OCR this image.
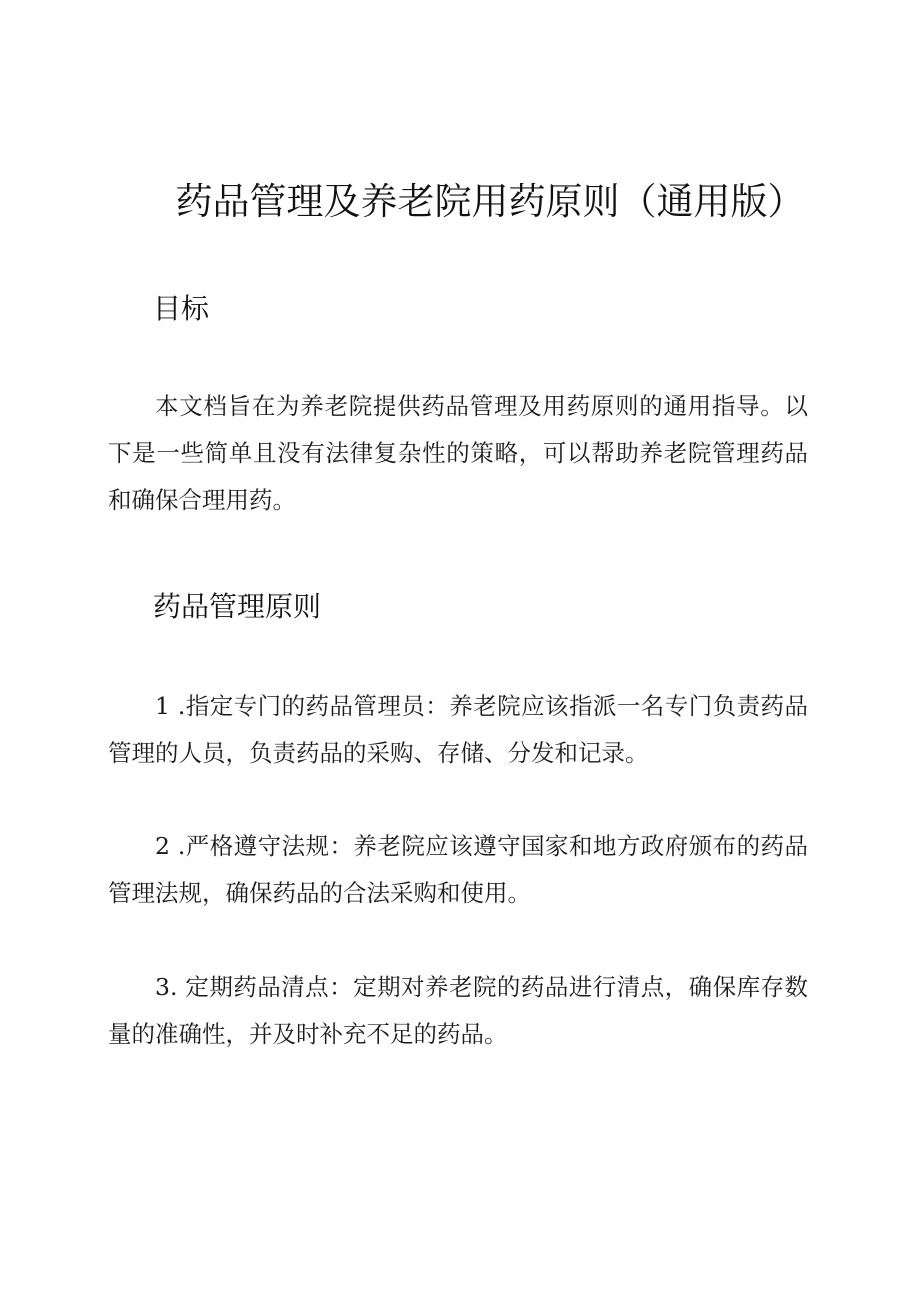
药品管理及养老院用药原则（通用版）
目标

本文档旨在为养老院提供药品管理及用药原则的通用指导。以下是一些简单且没有法律复杂性的策略，可以帮助养老院管理药品和确保合理用药。

药品管理原则

1 .指定专门的药品管理员：养老院应该指派一名专门负责药品管理的人员，负责药品的采购、存储、分发和记录。

2 .严格遵守法规：养老院应该遵守国家和地方政府颁布的药品管理法规，确保药品的合法采购和使用。

3. 定期药品清点：定期对养老院的药品进行清点，确保库存数量的准确性，并及时补充不足的药品。
